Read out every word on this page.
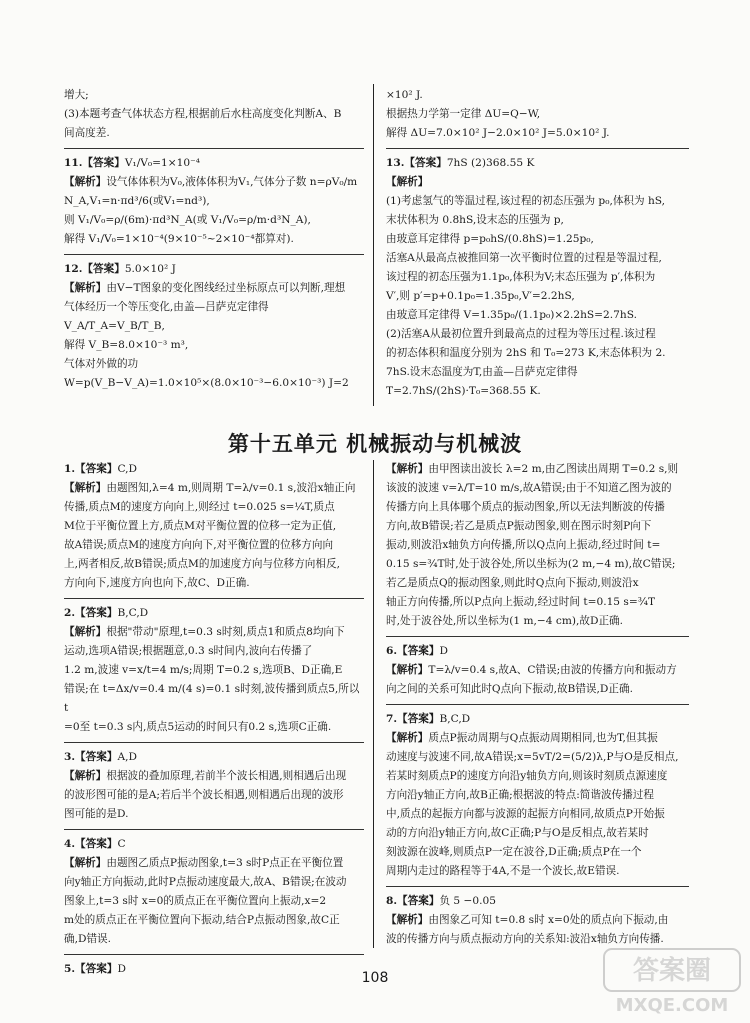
增大;

(3)本题考查气体状态方程,根据前后水柱高度变化判断A、B

间高度差.

11.【答案】V₁/V₀=1×10⁻⁴

【解析】设气体体积为V₀,液体体积为V₁,气体分子数 n=ρV₀/m

N_A,V₁=n·πd³/6(或V₁=nd³),

则 V₁/V₀=ρ/(6m)·πd³N_A(或 V₁/V₀=ρ/m·d³N_A),

解得 V₁/V₀=1×10⁻⁴(9×10⁻⁵~2×10⁻⁴都算对).

12.【答案】5.0×10² J

【解析】由V−T图象的变化图线经过坐标原点可以判断,理想

气体经历一个等压变化,由盖—吕萨克定律得 V_A/T_A=V_B/T_B,

解得 V_B=8.0×10⁻³ m³,

气体对外做的功

W=p(V_B−V_A)=1.0×10⁵×(8.0×10⁻³−6.0×10⁻³) J=2

×10² J.

根据热力学第一定律 ΔU=Q−W,

解得 ΔU=7.0×10² J−2.0×10² J=5.0×10² J.

13.【答案】7hS (2)368.55 K

【解析】

(1)考虑氢气的等温过程,该过程的初态压强为 p₀,体积为 hS,

末状体积为 0.8hS,设末态的压强为 p,

由玻意耳定律得 p=p₀hS/(0.8hS)=1.25p₀,

活塞A从最高点被推回第一次平衡时位置的过程是等温过程,

该过程的初态压强为1.1p₀,体积为V;末态压强为 p′,体积为

V′,则 p′=p+0.1p₀=1.35p₀,V′=2.2hS,

由玻意耳定律得 V=1.35p₀/(1.1p₀)×2.2hS=2.7hS.

(2)活塞A从最初位置升到最高点的过程为等压过程.该过程

的初态体积和温度分别为 2hS 和 T₀=273 K,末态体积为 2.

7hS.设末态温度为T,由盖—吕萨克定律得

T=2.7hS/(2hS)·T₀=368.55 K.

第十五单元 机械振动与机械波

1.【答案】C,D

【解析】由题图知,λ=4 m,则周期 T=λ/v=0.1 s,波沿x轴正向

传播,质点M的速度方向向上,则经过 t=0.025 s=¼T,质点

M位于平衡位置上方,质点M对平衡位置的位移一定为正值,

故A错误;质点M的速度方向向下,对平衡位置的位移方向向

上,两者相反,故B错误;质点M的加速度方向与位移方向相反,

方向向下,速度方向也向下,故C、D正确.

2.【答案】B,C,D

【解析】根据"带动"原理,t=0.3 s时刻,质点1和质点8均向下

运动,选项A错误;根据题意,0.3 s时间内,波向右传播了

1.2 m,波速 v=x/t=4 m/s;周期 T=0.2 s,选项B、D正确,E

错误;在 t=Δx/v=0.4 m/(4 s)=0.1 s时刻,波传播到质点5,所以 t

=0至 t=0.3 s内,质点5运动的时间只有0.2 s,选项C正确.

3.【答案】A,D

【解析】根据波的叠加原理,若前半个波长相遇,则相遇后出现

的波形图可能的是A;若后半个波长相遇,则相遇后出现的波形

图可能的是D.

4.【答案】C

【解析】由题图乙质点P振动图象,t=3 s时P点正在平衡位置

向y轴正方向振动,此时P点振动速度最大,故A、B错误;在波动

图象上,t=3 s时 x=0的质点正在平衡位置向上振动,x=2

m处的质点正在平衡位置向下振动,结合P点振动图象,故C正

确,D错误.

5.【答案】D

【解析】由甲图读出波长 λ=2 m,由乙图读出周期 T=0.2 s,则

该波的波速 v=λ/T=10 m/s,故A错误;由于不知道乙图为波的

传播方向上具体哪个质点的振动图象,所以无法判断波的传播

方向,故B错误;若乙是质点P振动图象,则在图示时刻P向下

振动,则波沿x轴负方向传播,所以Q点向上振动,经过时间 t=

0.15 s=¾T时,处于波谷处,所以坐标为(2 m,−4 m),故C错误;

若乙是质点Q的振动图象,则此时Q点向下振动,则波沿x

轴正方向传播,所以P点向上振动,经过时间 t=0.15 s=¾T

时,处于波谷处,所以坐标为(1 m,−4 cm),故D正确.

6.【答案】D

【解析】T=λ/v=0.4 s,故A、C错误;由波的传播方向和振动方

向之间的关系可知此时Q点向下振动,故B错误,D正确.

7.【答案】B,C,D

【解析】质点P振动周期与Q点振动周期相同,也为T,但其振

动速度与波速不同,故A错误;x=5vT/2=(5/2)λ,P与O是反相点,

若某时刻质点P的速度方向沿y轴负方向,则该时刻质点源速度

方向沿y轴正方向,故B正确;根据波的特点:简谐波传播过程

中,质点的起振方向都与波源的起振方向相同,故质点P开始振

动的方向沿y轴正方向,故C正确;P与O是反相点,故若某时

刻波源在波峰,则质点P一定在波谷,D正确;质点P在一个

周期内走过的路程等于4A,不是一个波长,故E错误.

8.【答案】负 5 −0.05

【解析】由图象乙可知 t=0.8 s时 x=0处的质点向下振动,由

波的传播方向与质点振动方向的关系知:波沿x轴负方向传播.

108	答案圈
MXQE.COM
